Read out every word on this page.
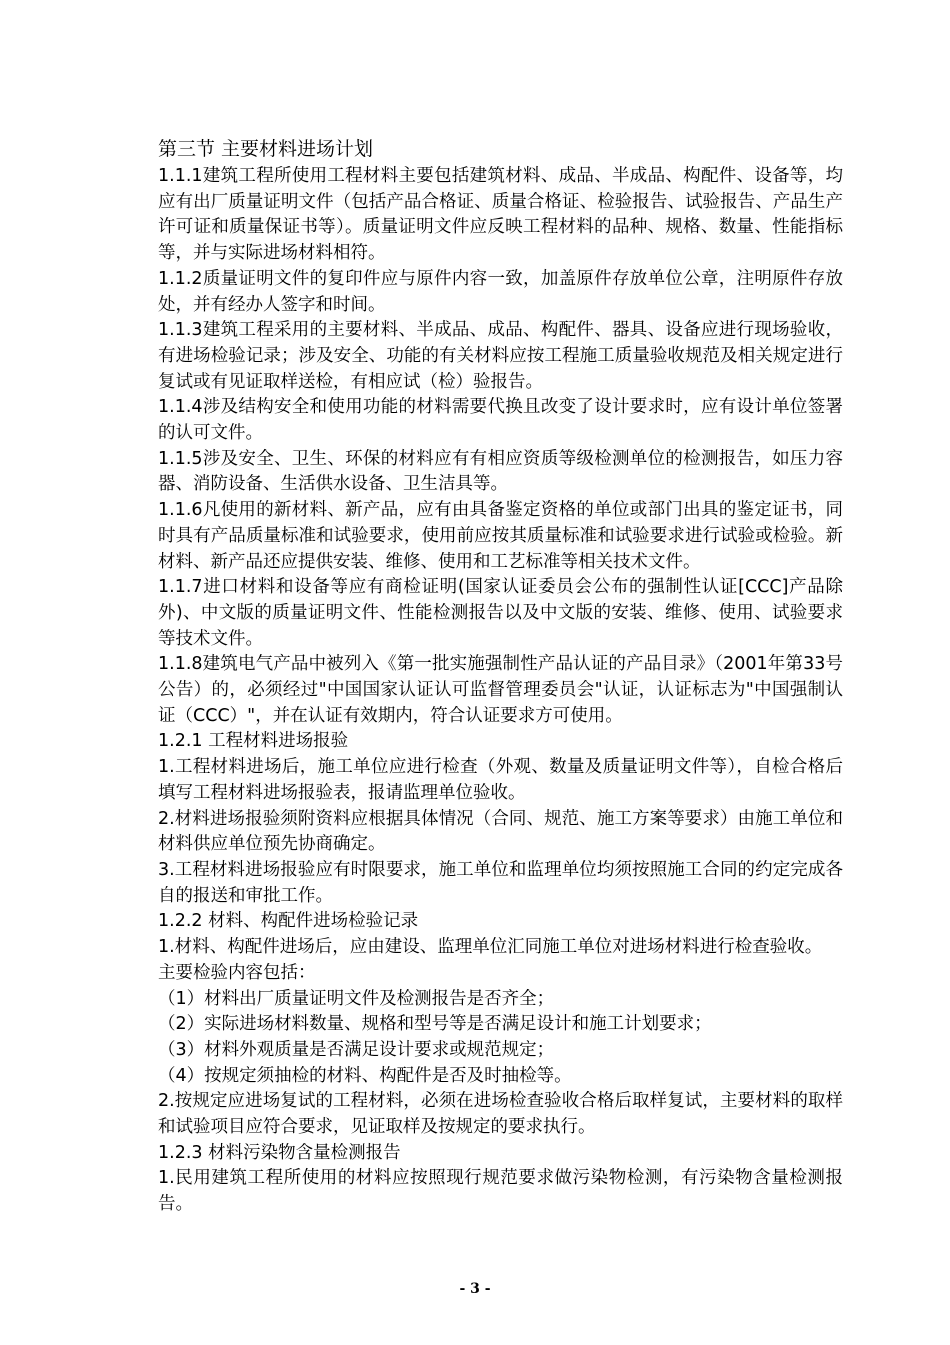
第三节 主要材料进场计划

1.1.1建筑工程所使用工程材料主要包括建筑材料、成品、半成品、构配件、设备等，均应有出厂质量证明文件（包括产品合格证、质量合格证、检验报告、试验报告、产品生产许可证和质量保证书等）。质量证明文件应反映工程材料的品种、规格、数量、性能指标等，并与实际进场材料相符。

1.1.2质量证明文件的复印件应与原件内容一致，加盖原件存放单位公章，注明原件存放处，并有经办人签字和时间。

1.1.3建筑工程采用的主要材料、半成品、成品、构配件、器具、设备应进行现场验收，有进场检验记录；涉及安全、功能的有关材料应按工程施工质量验收规范及相关规定进行复试或有见证取样送检，有相应试（检）验报告。

1.1.4涉及结构安全和使用功能的材料需要代换且改变了设计要求时，应有设计单位签署的认可文件。

1.1.5涉及安全、卫生、环保的材料应有有相应资质等级检测单位的检测报告，如压力容器、消防设备、生活供水设备、卫生洁具等。

1.1.6凡使用的新材料、新产品，应有由具备鉴定资格的单位或部门出具的鉴定证书，同时具有产品质量标准和试验要求，使用前应按其质量标准和试验要求进行试验或检验。新材料、新产品还应提供安装、维修、使用和工艺标准等相关技术文件。

1.1.7进口材料和设备等应有商检证明(国家认证委员会公布的强制性认证[CCC]产品除外)、中文版的质量证明文件、性能检测报告以及中文版的安装、维修、使用、试验要求等技术文件。

1.1.8建筑电气产品中被列入《第一批实施强制性产品认证的产品目录》（2001年第33号公告）的，必须经过"中国国家认证认可监督管理委员会"认证，认证标志为"中国强制认证（CCC）"，并在认证有效期内，符合认证要求方可使用。

1.2.1 工程材料进场报验

1.工程材料进场后，施工单位应进行检查（外观、数量及质量证明文件等），自检合格后填写工程材料进场报验表，报请监理单位验收。

2.材料进场报验须附资料应根据具体情况（合同、规范、施工方案等要求）由施工单位和材料供应单位预先协商确定。

3.工程材料进场报验应有时限要求，施工单位和监理单位均须按照施工合同的约定完成各自的报送和审批工作。

1.2.2 材料、构配件进场检验记录

1.材料、构配件进场后，应由建设、监理单位汇同施工单位对进场材料进行检查验收。

主要检验内容包括：

（1）材料出厂质量证明文件及检测报告是否齐全；

（2）实际进场材料数量、规格和型号等是否满足设计和施工计划要求；

（3）材料外观质量是否满足设计要求或规范规定；

（4）按规定须抽检的材料、构配件是否及时抽检等。

2.按规定应进场复试的工程材料，必须在进场检查验收合格后取样复试，主要材料的取样和试验项目应符合要求，见证取样及按规定的要求执行。

1.2.3 材料污染物含量检测报告

1.民用建筑工程所使用的材料应按照现行规范要求做污染物检测，有污染物含量检测报告。

- 3 -
